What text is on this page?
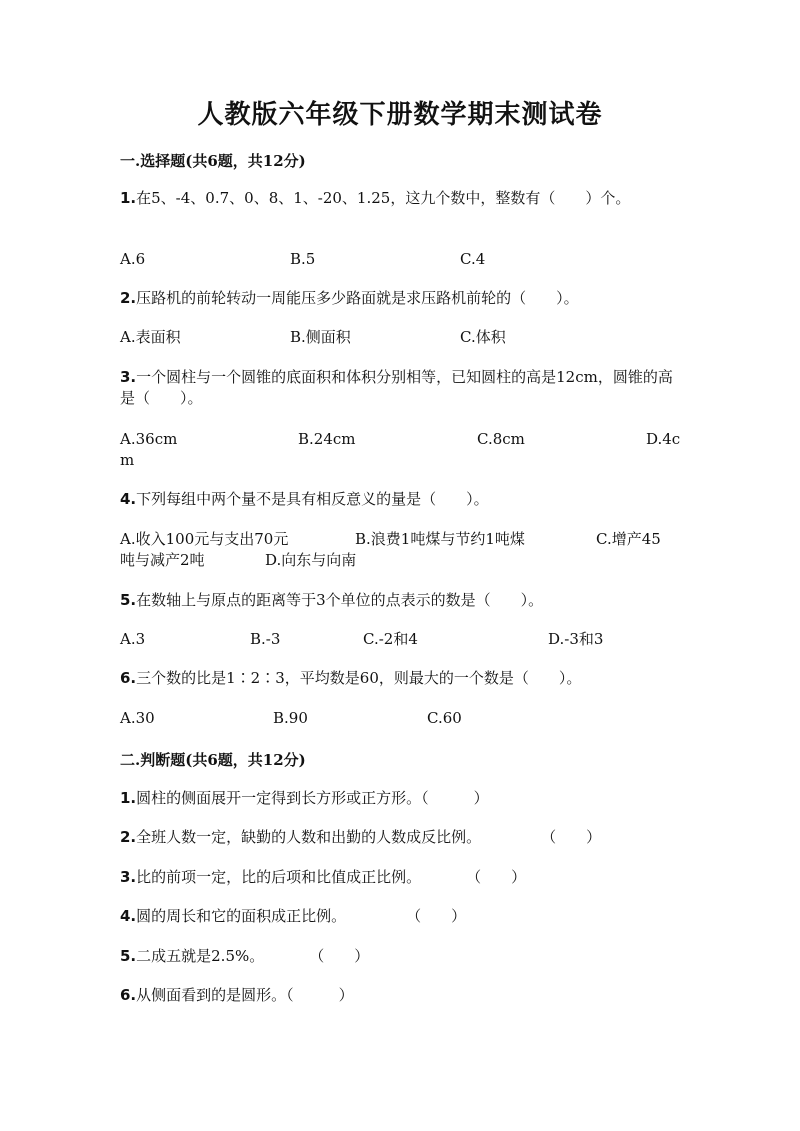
人教版六年级下册数学期末测试卷
一.选择题(共6题，共12分)
1.在5、-4、0.7、0、8、1、-20、1.25，这九个数中，整数有（　　）个。
A.6	B.5	C.4
2.压路机的前轮转动一周能压多少路面就是求压路机前轮的（　　）。
A.表面积	B.侧面积	C.体积
3.一个圆柱与一个圆锥的底面积和体积分别相等，已知圆柱的高是12cm，圆锥的高是（　　）。
A.36cm	B.24cm	C.8cm	D.4c
m
4.下列每组中两个量不是具有相反意义的量是（　　）。
A.收入100元与支出70元	B.浪费1吨煤与节约1吨煤	C.增产45
吨与减产2吨	D.向东与向南
5.在数轴上与原点的距离等于3个单位的点表示的数是（　　）。
A.3	B.-3	C.-2和4	D.-3和3
6.三个数的比是1∶2∶3，平均数是60，则最大的一个数是（　　）。
A.30	B.90	C.60
二.判断题(共6题，共12分)
1.圆柱的侧面展开一定得到长方形或正方形。（　　　）
2.全班人数一定，缺勤的人数和出勤的人数成反比例。　　　　　（　　）
3.比的前项一定，比的后项和比值成正比例。　　　　（　　）
4.圆的周长和它的面积成正比例。　　　　　（　　）
5.二成五就是2.5%。　　　　（　　）
6.从侧面看到的是圆形。（　　　）
